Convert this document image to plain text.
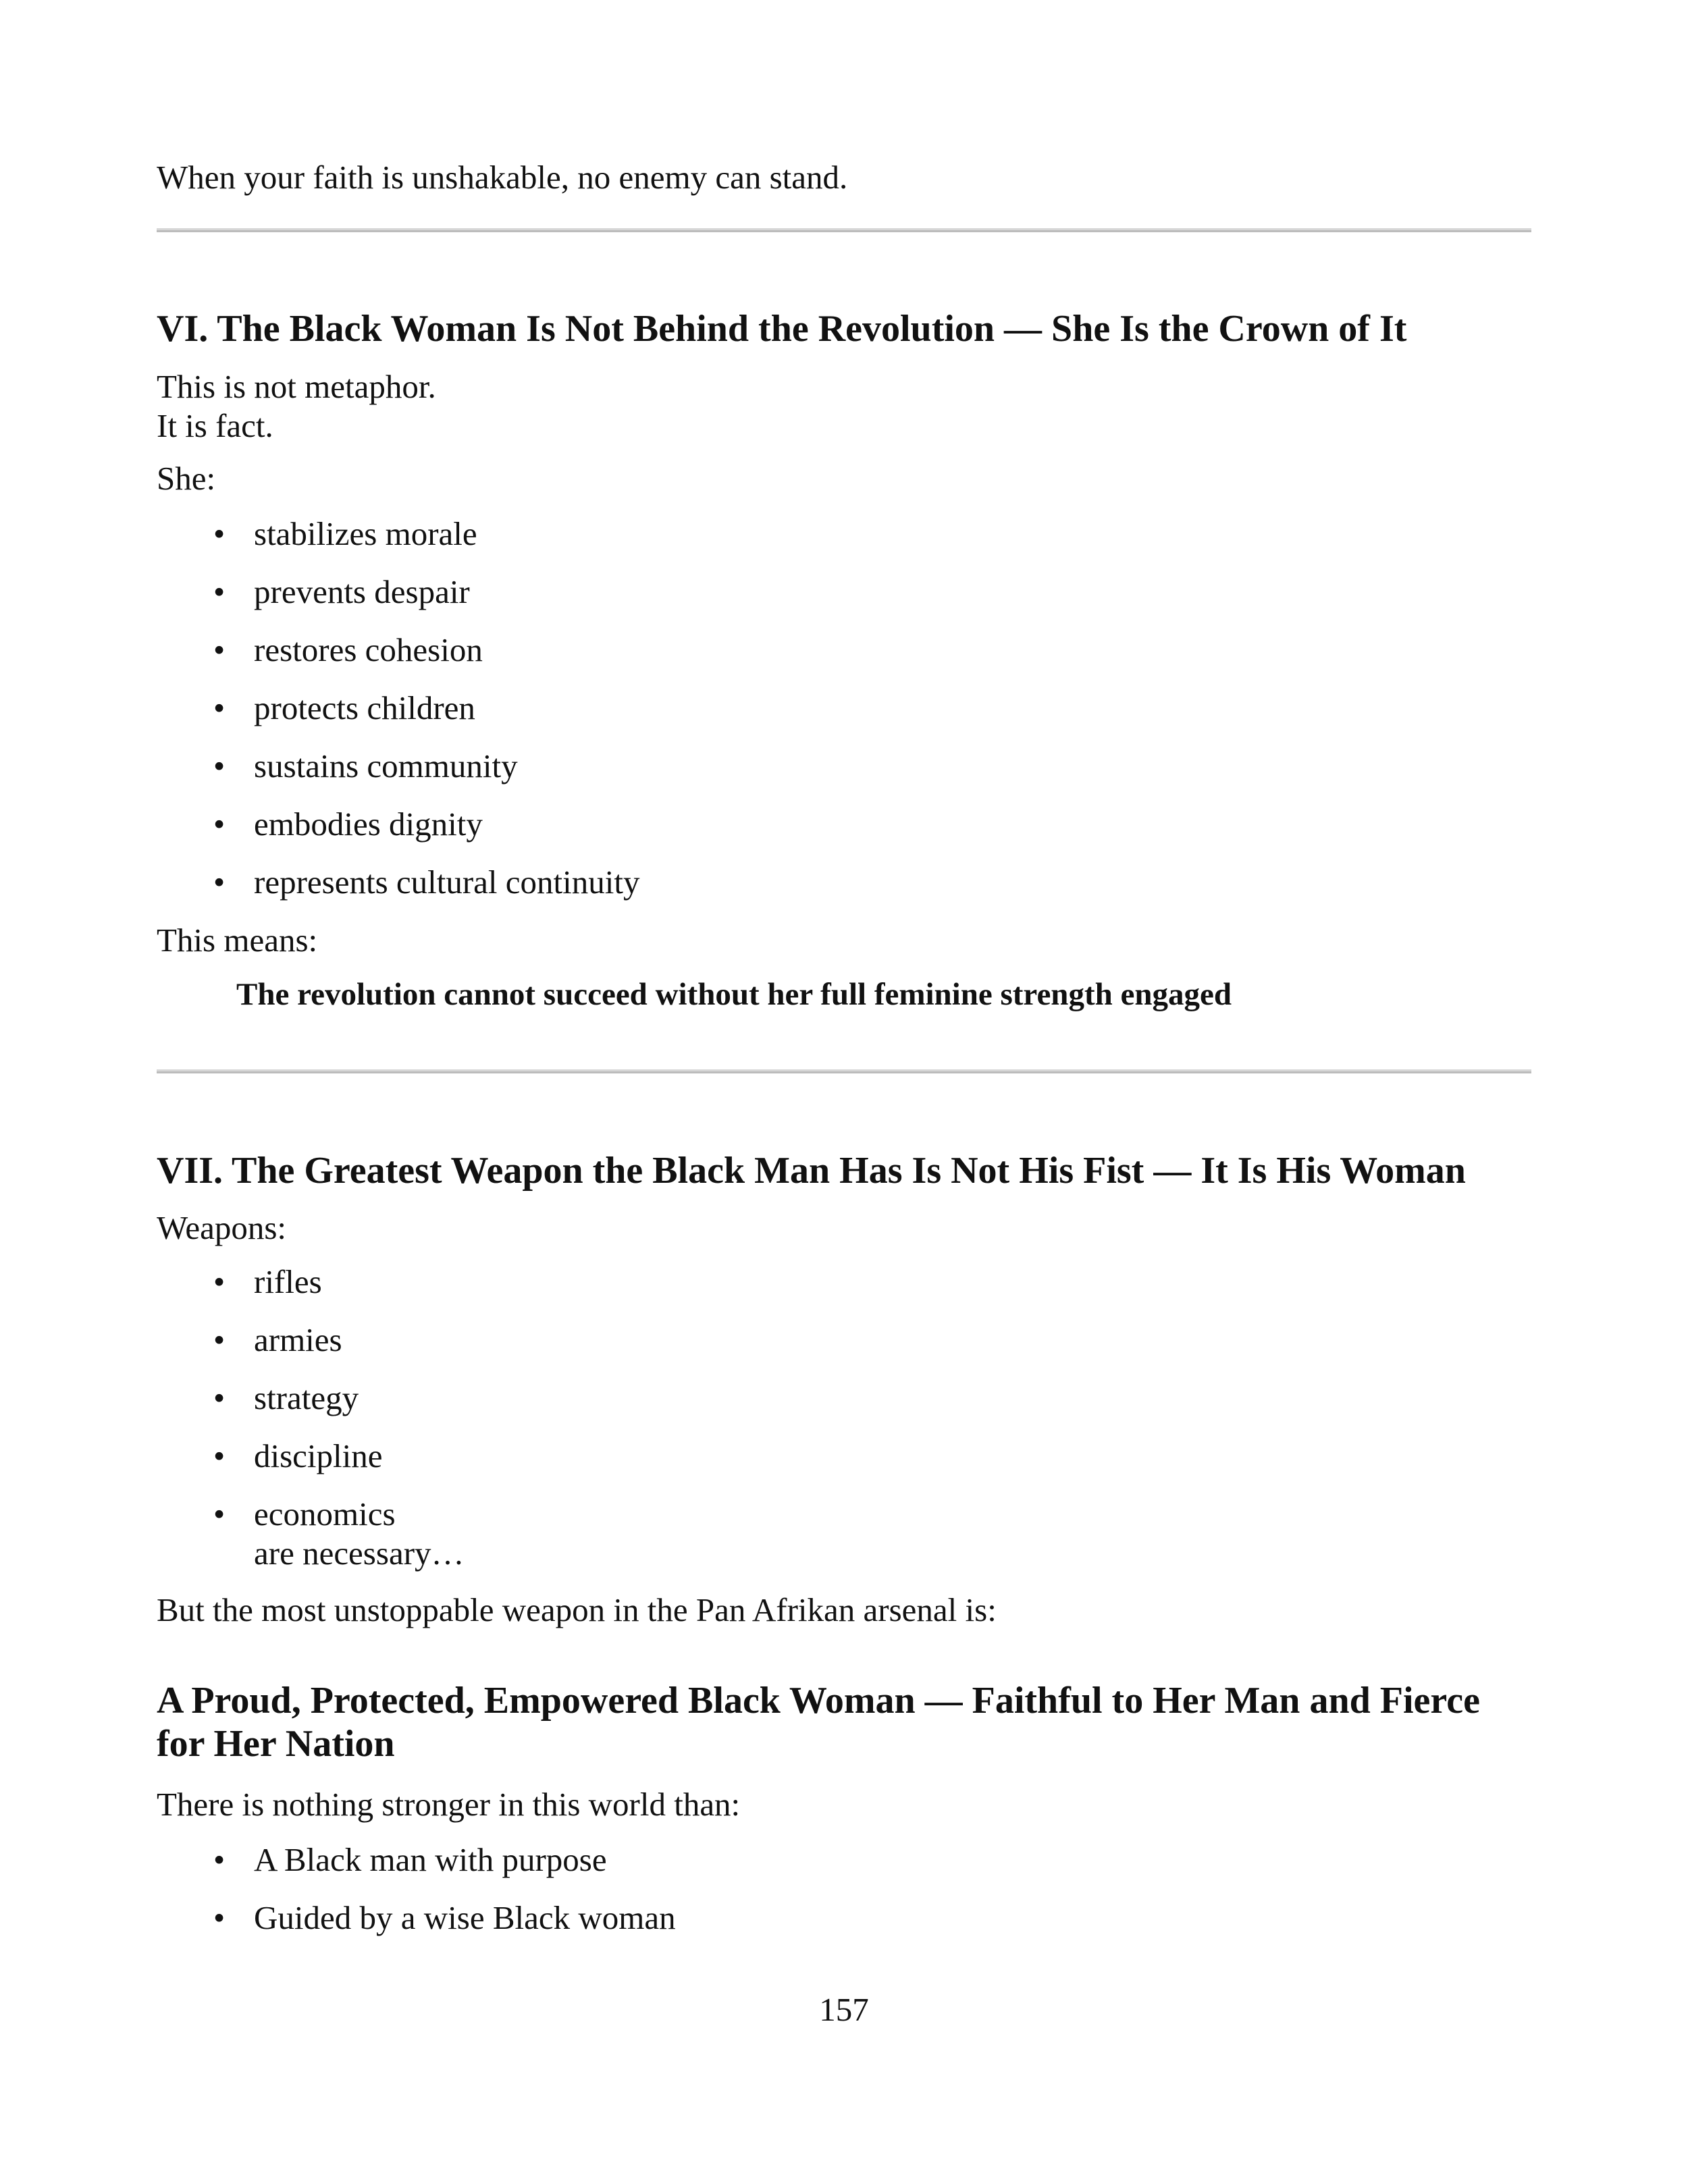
When your faith is unshakable, no enemy can stand.
VI. The Black Woman Is Not Behind the Revolution — She Is the Crown of It
This is not metaphor.
It is fact.
She:
• stabilizes morale
• prevents despair
• restores cohesion
• protects children
• sustains community
• embodies dignity
• represents cultural continuity
This means:
The revolution cannot succeed without her full feminine strength engaged
VII. The Greatest Weapon the Black Man Has Is Not His Fist — It Is His Woman
Weapons:
• rifles
• armies
• strategy
• discipline
• economics
are necessary…
But the most unstoppable weapon in the Pan Afrikan arsenal is:
A Proud, Protected, Empowered Black Woman — Faithful to Her Man and Fierce for Her Nation
There is nothing stronger in this world than:
• A Black man with purpose
• Guided by a wise Black woman
157
